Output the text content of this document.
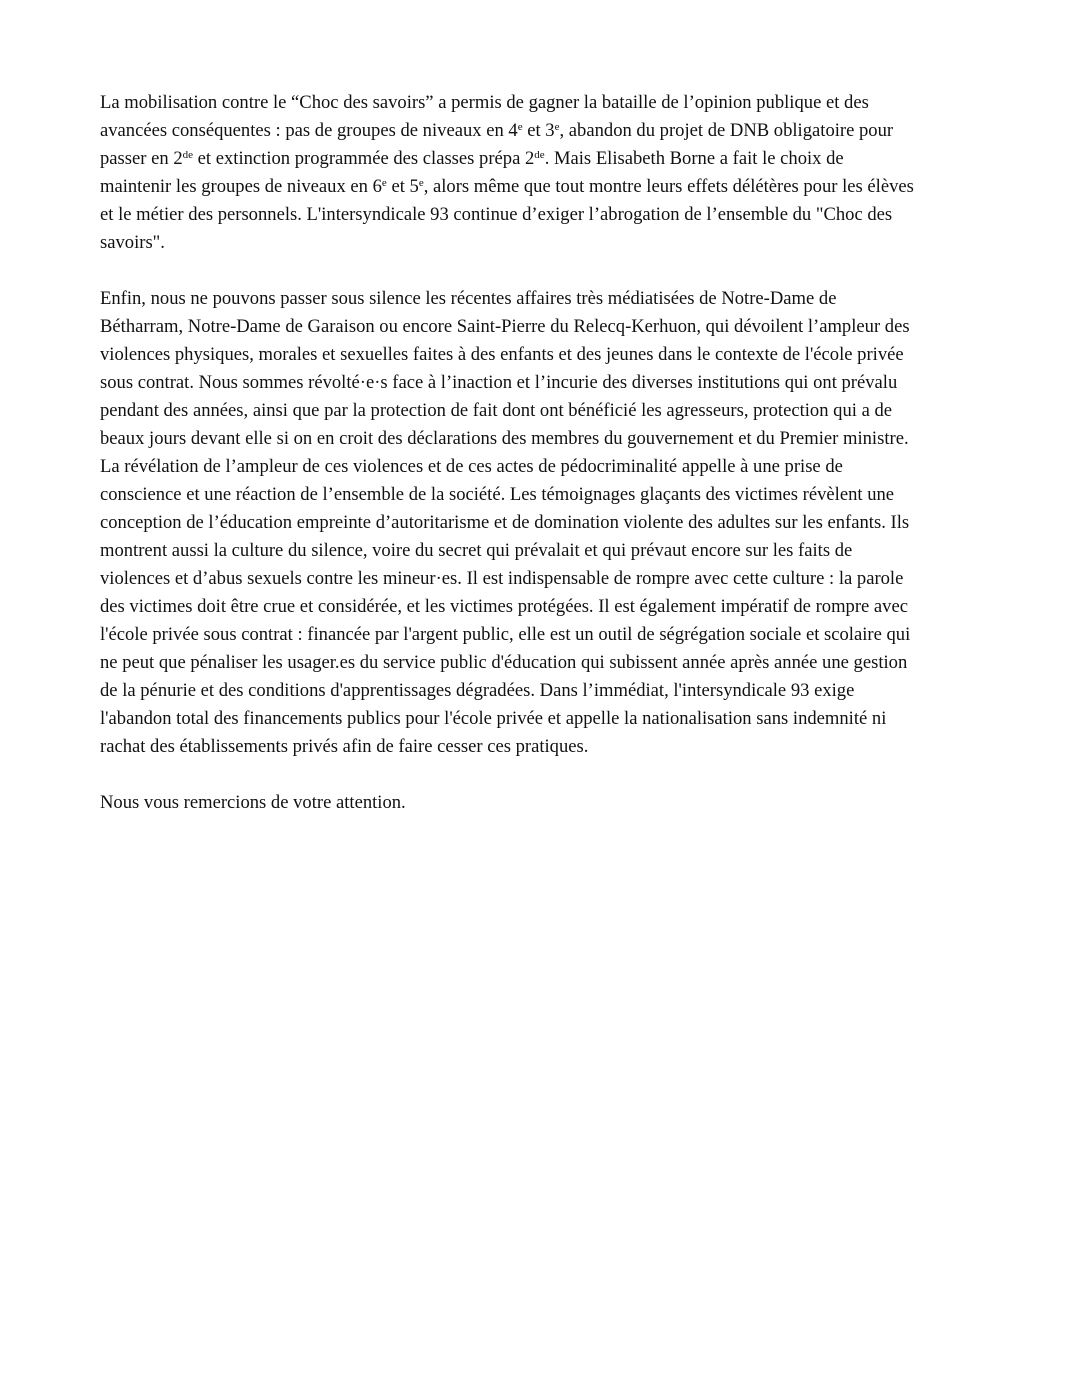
La mobilisation contre le “Choc des savoirs” a permis de gagner la bataille de l’opinion publique et des
avancées conséquentes : pas de groupes de niveaux en 4e et 3e, abandon du projet de DNB obligatoire pour
passer en 2de et extinction programmée des classes prépa 2de. Mais Elisabeth Borne a fait le choix de
maintenir les groupes de niveaux en 6e et 5e, alors même que tout montre leurs effets délétères pour les élèves
et le métier des personnels. L'intersyndicale 93 continue d’exiger l’abrogation de l’ensemble du "Choc des
savoirs".

Enfin, nous ne pouvons passer sous silence les récentes affaires très médiatisées de Notre-Dame de
Bétharram, Notre-Dame de Garaison ou encore Saint-Pierre du Relecq-Kerhuon, qui dévoilent l’ampleur des
violences physiques, morales et sexuelles faites à des enfants et des jeunes dans le contexte de l'école privée
sous contrat. Nous sommes révolté·e·s face à l’inaction et l’incurie des diverses institutions qui ont prévalu
pendant des années, ainsi que par la protection de fait dont ont bénéficié les agresseurs, protection qui a de
beaux jours devant elle si on en croit des déclarations des membres du gouvernement et du Premier ministre.
La révélation de l’ampleur de ces violences et de ces actes de pédocriminalité appelle à une prise de
conscience et une réaction de l’ensemble de la société. Les témoignages glaçants des victimes révèlent une
conception de l’éducation empreinte d’autoritarisme et de domination violente des adultes sur les enfants. Ils
montrent aussi la culture du silence, voire du secret qui prévalait et qui prévaut encore sur les faits de
violences et d’abus sexuels contre les mineur·es. Il est indispensable de rompre avec cette culture : la parole
des victimes doit être crue et considérée, et les victimes protégées. Il est également impératif de rompre avec
l'école privée sous contrat : financée par l'argent public, elle est un outil de ségrégation sociale et scolaire qui
ne peut que pénaliser les usager.es du service public d'éducation qui subissent année après année une gestion
de la pénurie et des conditions d'apprentissages dégradées. Dans l’immédiat, l'intersyndicale 93 exige
l'abandon total des financements publics pour l'école privée et appelle la nationalisation sans indemnité ni
rachat des établissements privés afin de faire cesser ces pratiques.

Nous vous remercions de votre attention.
